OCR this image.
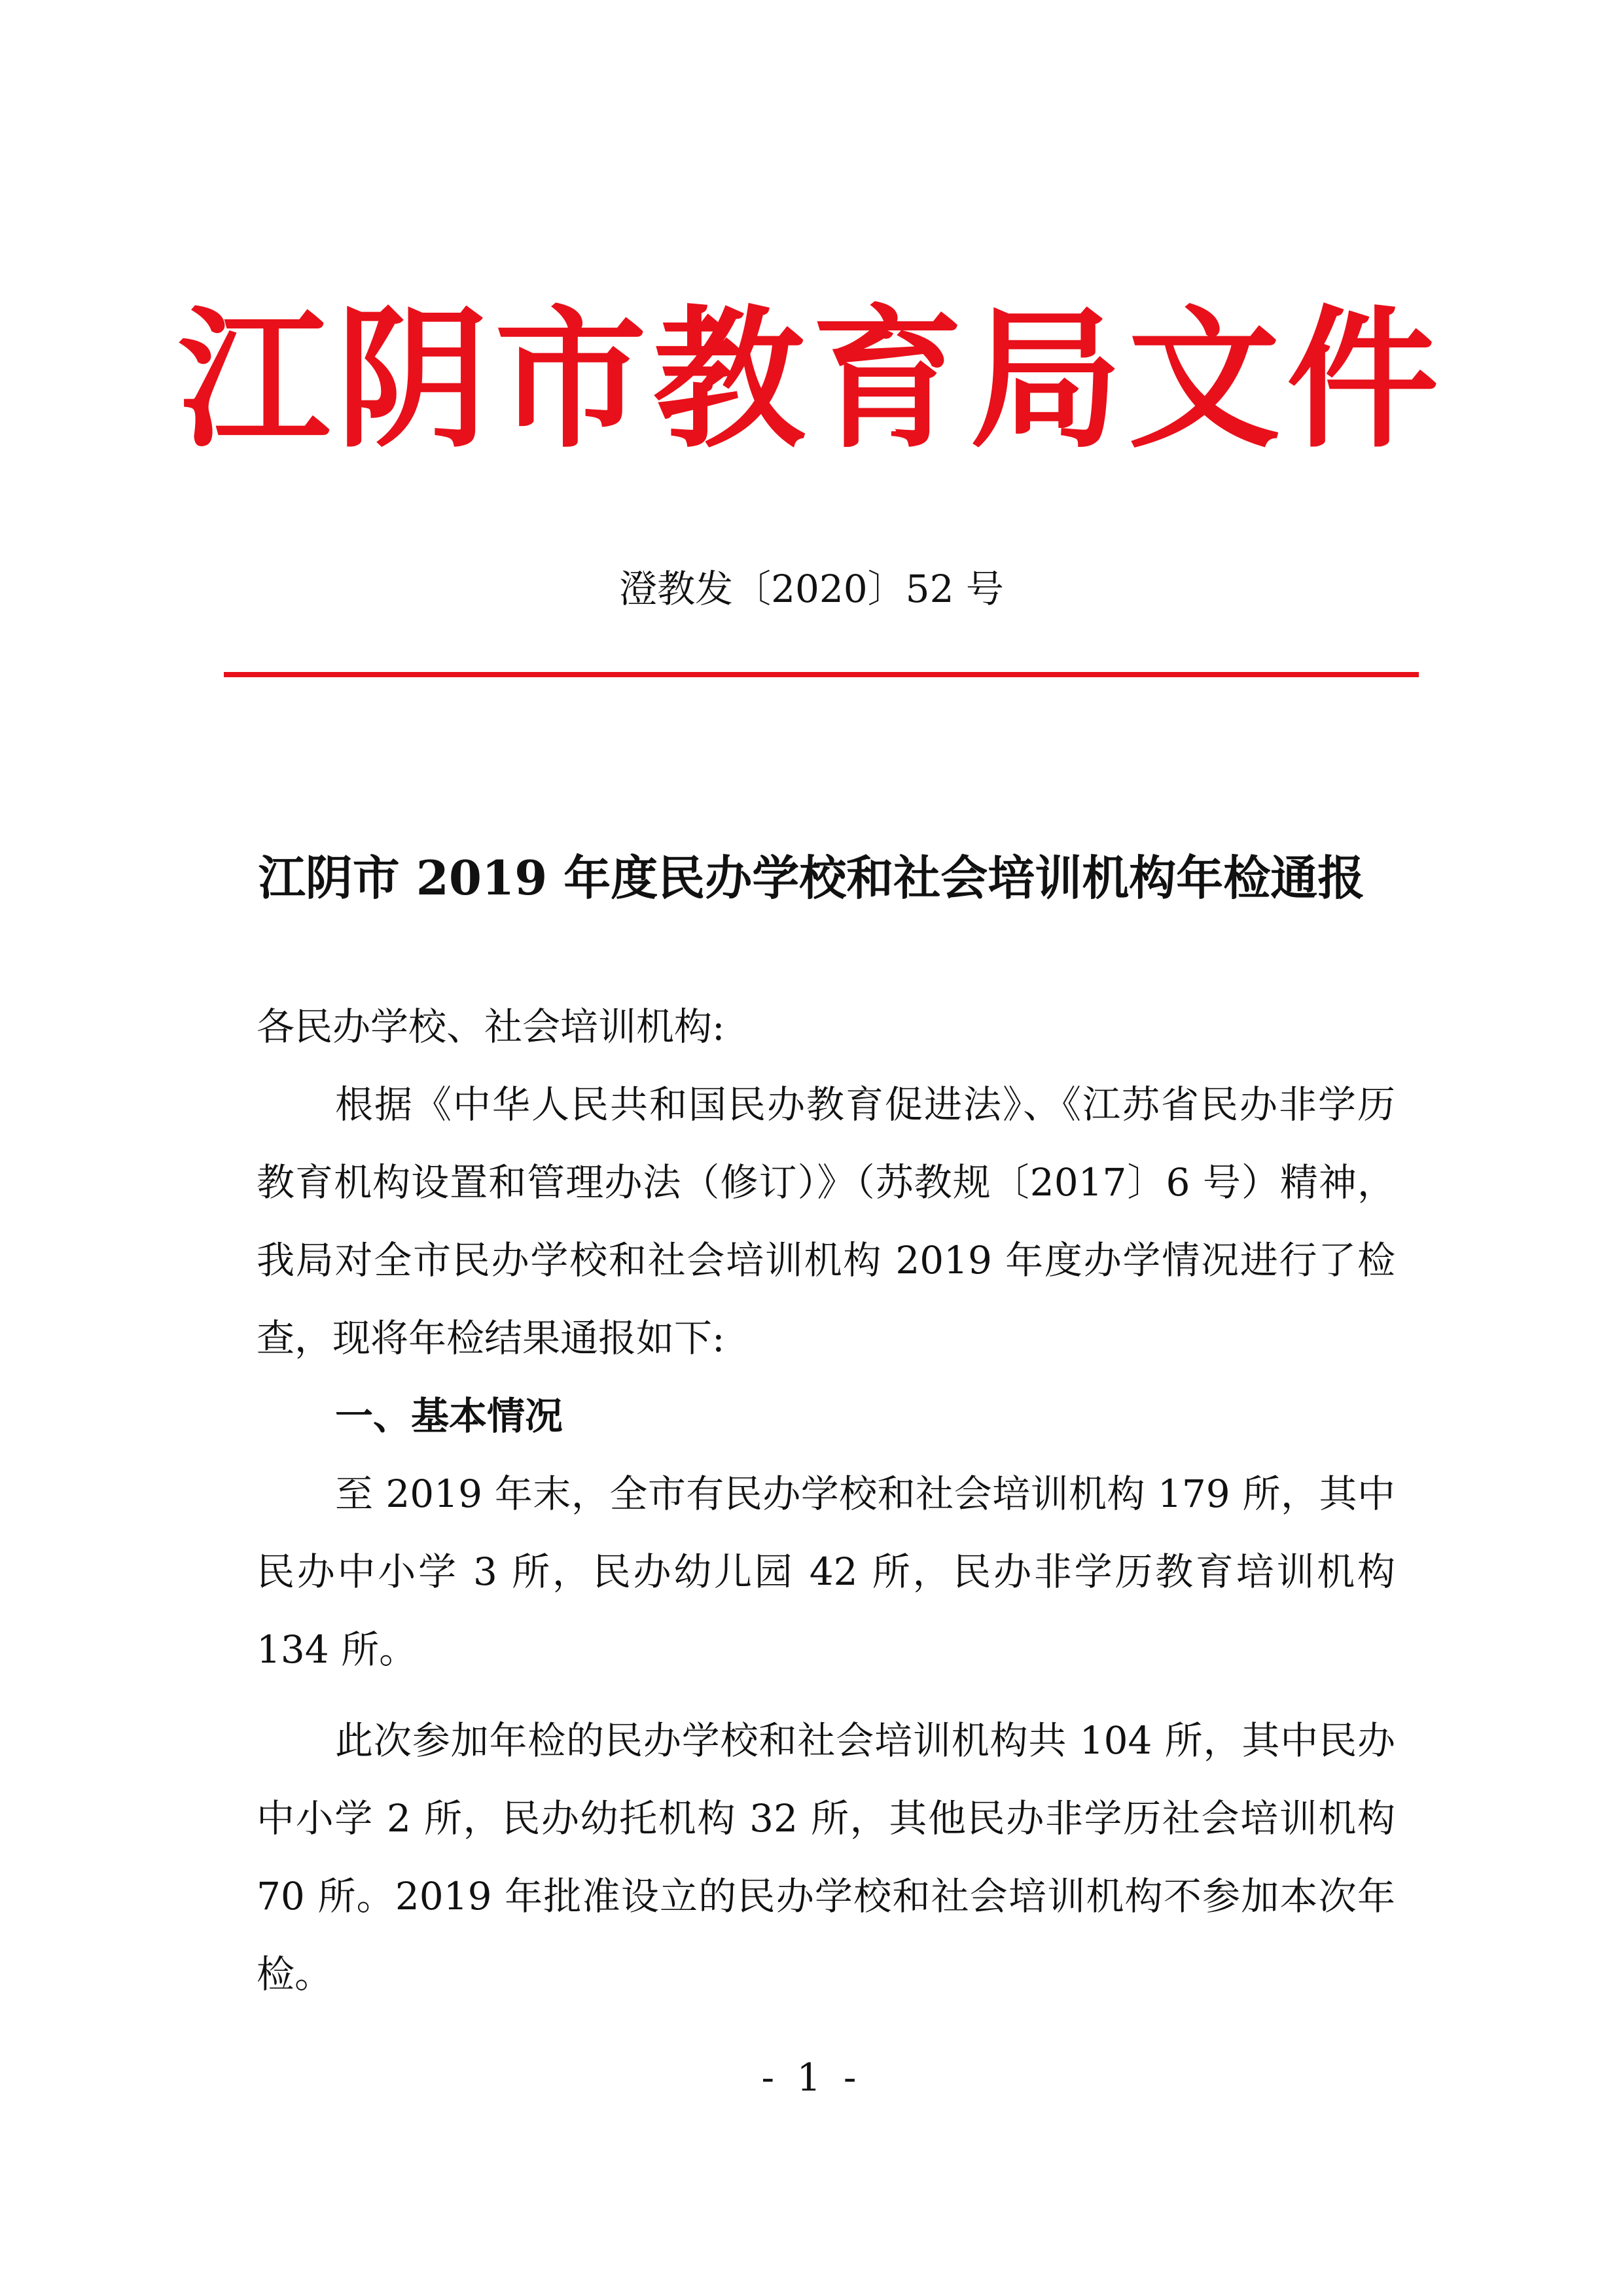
江阴市教育局文件
澄教发〔2020〕52 号
江阴市 2019 年度民办学校和社会培训机构年检通报

各民办学校、社会培训机构:

根据《中华人民共和国民办教育促进法》、《江苏省民办非学历教育机构设置和管理办法（修订）》（苏教规〔2017〕6 号）精神，我局对全市民办学校和社会培训机构 2019 年度办学情况进行了检查，现将年检结果通报如下:

一、基本情况

至 2019 年末，全市有民办学校和社会培训机构 179 所，其中民办中小学 3 所，民办幼儿园 42 所，民办非学历教育培训机构 134 所。

此次参加年检的民办学校和社会培训机构共 104 所，其中民办中小学 2 所，民办幼托机构 32 所，其他民办非学历社会培训机构 70 所。2019 年批准设立的民办学校和社会培训机构不参加本次年检。

- 1 -
